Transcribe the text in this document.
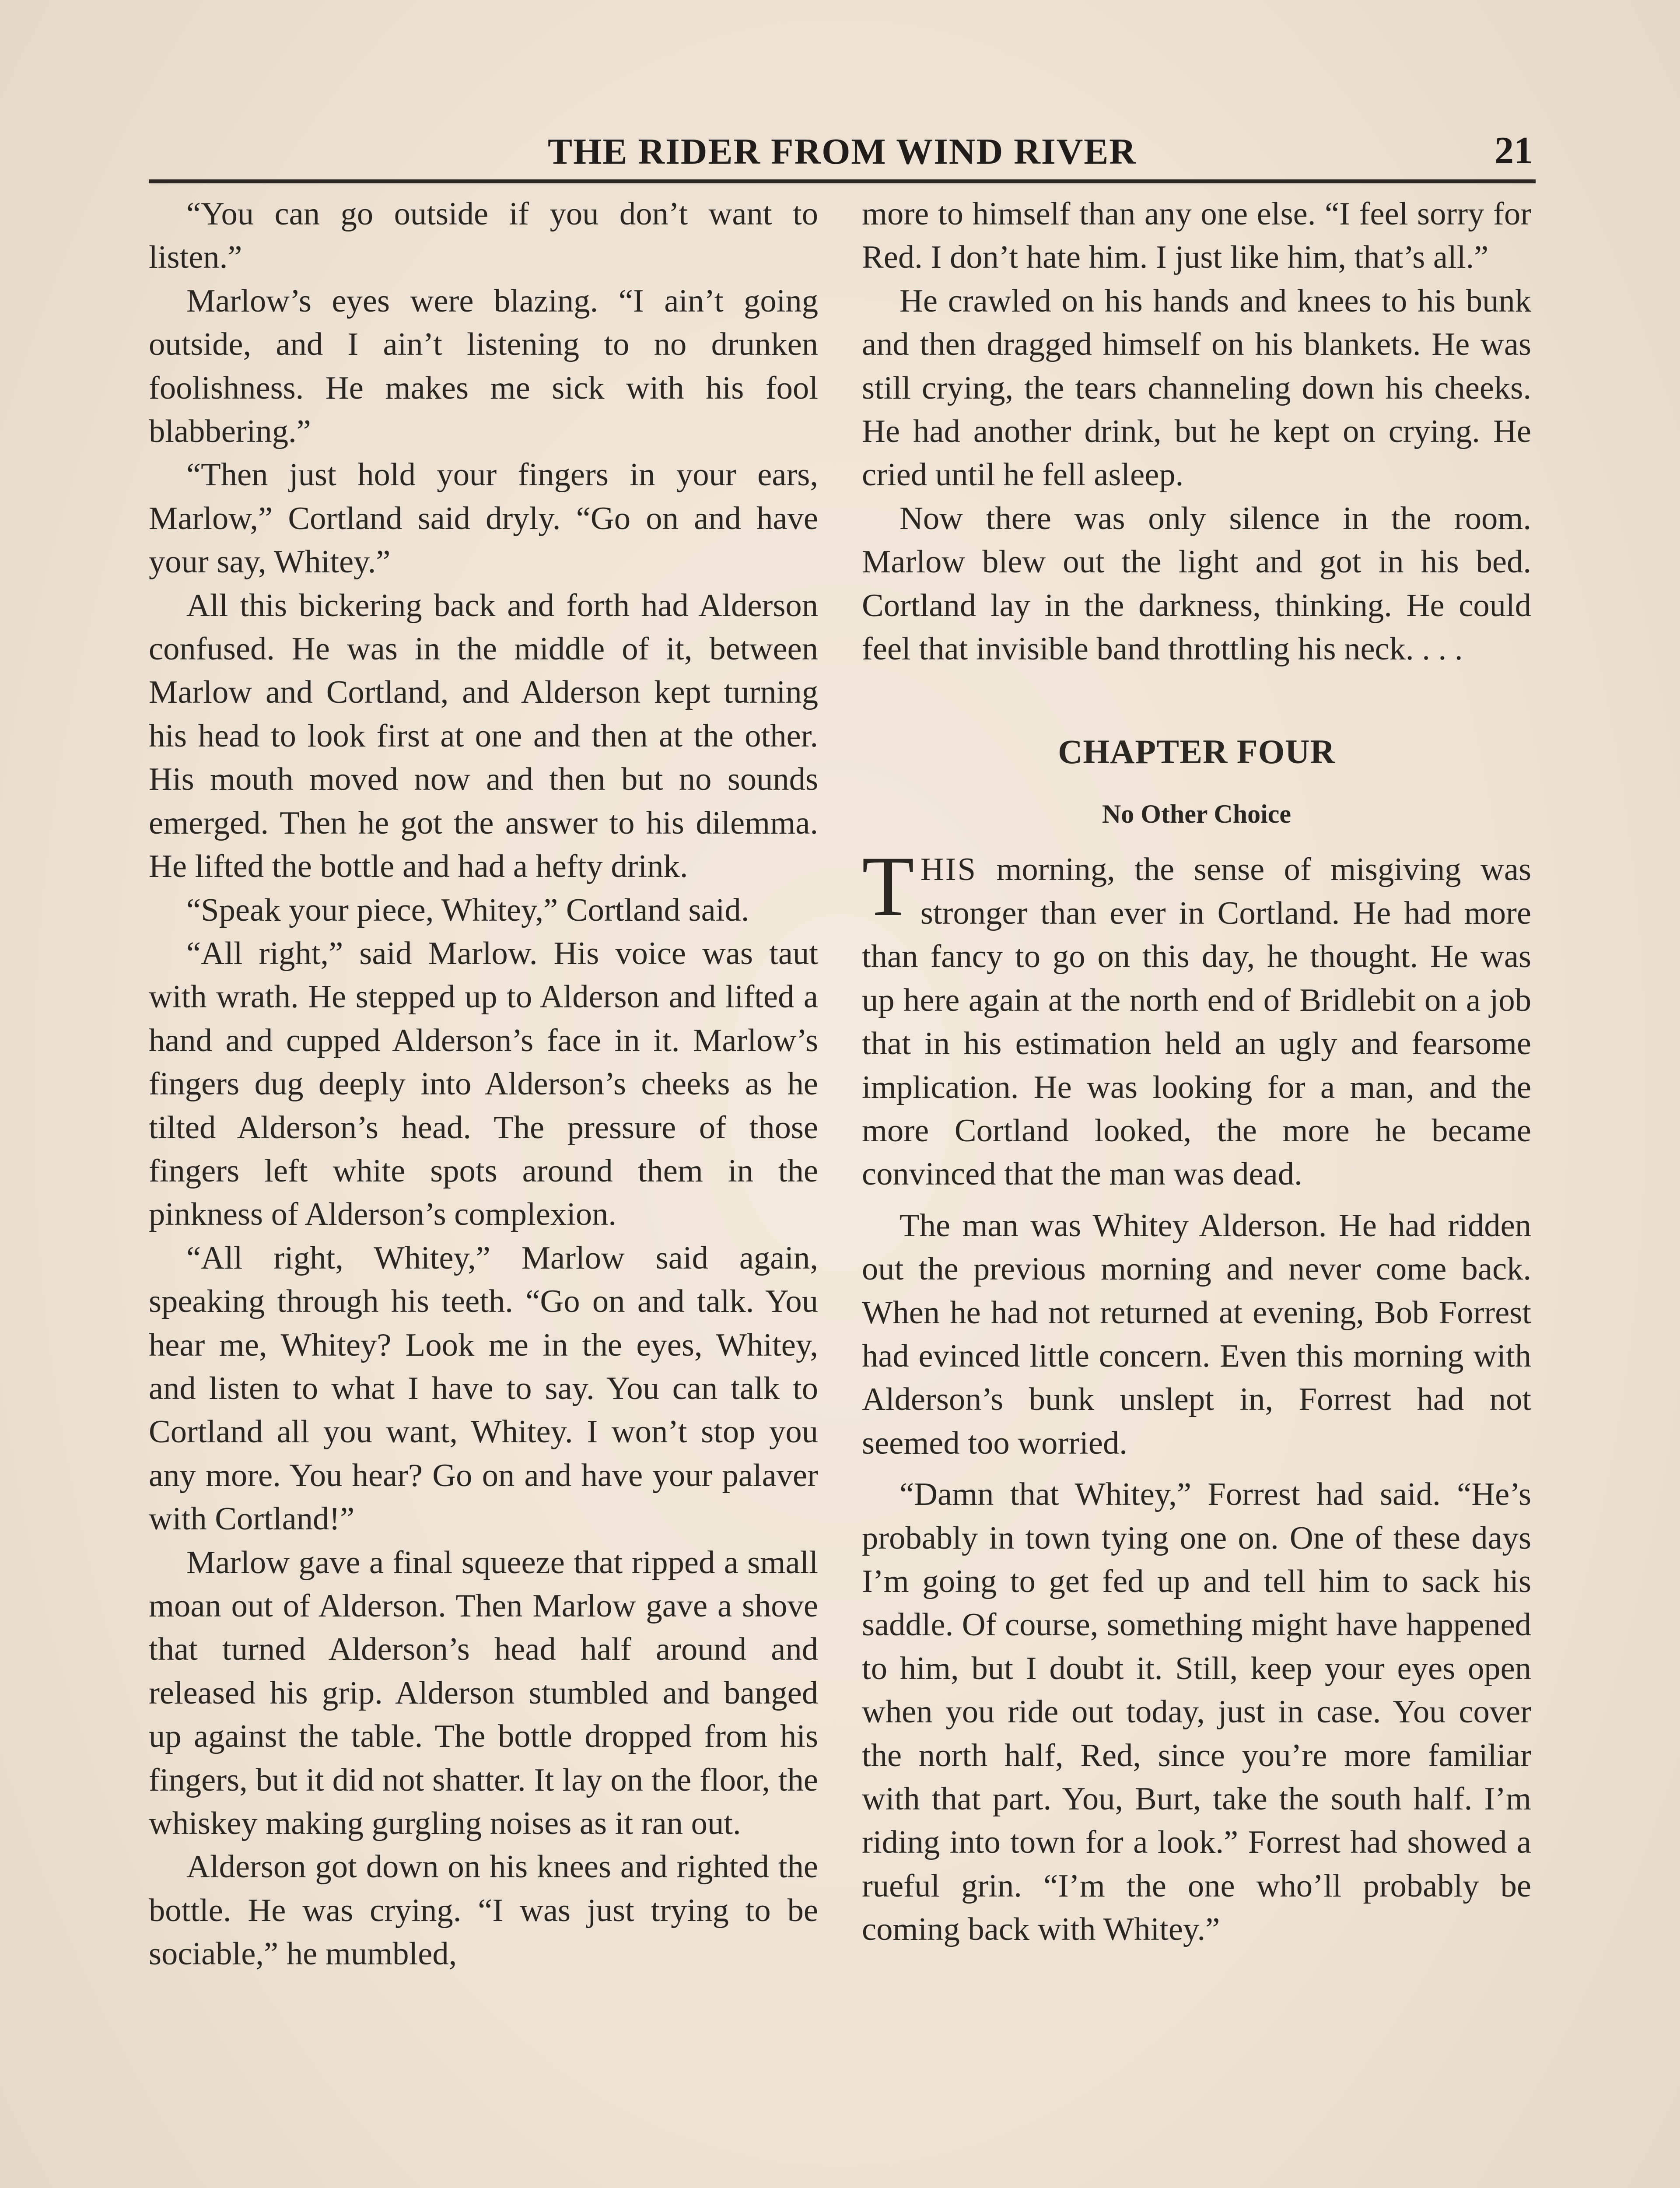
THE RIDER FROM WIND RIVER	21

“You can go outside if you don’t want to listen.”

Marlow’s eyes were blazing. “I ain’t going outside, and I ain’t listening to no drunken foolishness. He makes me sick with his fool blabbering.”

“Then just hold your fingers in your ears, Marlow,” Cortland said dryly. “Go on and have your say, Whitey.”

All this bickering back and forth had Alderson confused. He was in the middle of it, between Marlow and Cortland, and Alderson kept turning his head to look first at one and then at the other. His mouth moved now and then but no sounds emerged. Then he got the answer to his dilemma. He lifted the bottle and had a hefty drink.

“Speak your piece, Whitey,” Cortland said.

“All right,” said Marlow. His voice was taut with wrath. He stepped up to Alderson and lifted a hand and cupped Alderson’s face in it. Marlow’s fingers dug deeply into Alderson’s cheeks as he tilted Alderson’s head. The pressure of those fingers left white spots around them in the pinkness of Alderson’s complexion.

“All right, Whitey,” Marlow said again, speaking through his teeth. “Go on and talk. You hear me, Whitey? Look me in the eyes, Whitey, and listen to what I have to say. You can talk to Cortland all you want, Whitey. I won’t stop you any more. You hear? Go on and have your palaver with Cortland!”

Marlow gave a final squeeze that ripped a small moan out of Alderson. Then Marlow gave a shove that turned Alderson’s head half around and released his grip. Alderson stumbled and banged up against the table. The bottle dropped from his fingers, but it did not shatter. It lay on the floor, the whiskey making gurgling noises as it ran out.

Alderson got down on his knees and righted the bottle. He was crying. “I was just trying to be sociable,” he mumbled,

more to himself than any one else. “I feel sorry for Red. I don’t hate him. I just like him, that’s all.”

He crawled on his hands and knees to his bunk and then dragged himself on his blankets. He was still crying, the tears channeling down his cheeks. He had another drink, but he kept on crying. He cried until he fell asleep.

Now there was only silence in the room. Marlow blew out the light and got in his bed. Cortland lay in the darkness, thinking. He could feel that invisible band throttling his neck. . . .

CHAPTER FOUR
No Other Choice

THIS morning, the sense of misgiving was stronger than ever in Cortland. He had more than fancy to go on this day, he thought. He was up here again at the north end of Bridlebit on a job that in his estimation held an ugly and fearsome implication. He was looking for a man, and the more Cortland looked, the more he became convinced that the man was dead.

The man was Whitey Alderson. He had ridden out the previous morning and never come back. When he had not returned at evening, Bob Forrest had evinced little concern. Even this morning with Alderson’s bunk unslept in, Forrest had not seemed too worried.

“Damn that Whitey,” Forrest had said. “He’s probably in town tying one on. One of these days I’m going to get fed up and tell him to sack his saddle. Of course, something might have happened to him, but I doubt it. Still, keep your eyes open when you ride out today, just in case. You cover the north half, Red, since you’re more familiar with that part. You, Burt, take the south half. I’m riding into town for a look.” Forrest had showed a rueful grin. “I’m the one who’ll probably be coming back with Whitey.”
